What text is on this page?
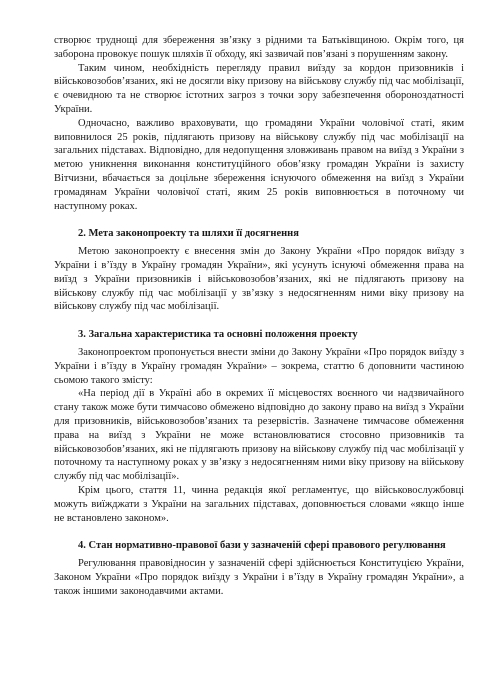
створює труднощі для збереження зв’язку з рідними та Батьківщиною. Окрім того, ця заборона провокує пошук шляхів її обходу, які зазвичай пов’язані з порушенням закону.

Таким чином, необхідність перегляду правил виїзду за кордон призовників і військовозобов’язаних, які не досягли віку призову на військову службу під час мобілізації, є очевидною та не створює істотних загроз з точки зору забезпечення обороноздатності України.

Одночасно, важливо враховувати, що громадяни України чоловічої статі, яким виповнилося 25 років, підлягають призову на військову службу під час мобілізації на загальних підставах. Відповідно, для недопущення зловживань правом на виїзд з України з метою уникнення виконання конституційного обов’язку громадян України із захисту Вітчизни, вбачається за доцільне збереження існуючого обмеження на виїзд з України громадянам України чоловічої статі, яким 25 років виповнюється в поточному чи наступному роках.

2. Мета законопроекту та шляхи її досягнення

Метою законопроекту є внесення змін до Закону України «Про порядок виїзду з України і в’їзду в Україну громадян України», які усунуть існуючі обмеження права на виїзд з України призовників і військовозобов’язаних, які не підлягають призову на військову службу під час мобілізації у зв’язку з недосягненням ними віку призову на військову службу під час мобілізації.

3. Загальна характеристика та основні положення проекту

Законопроектом пропонується внести зміни до Закону України «Про порядок виїзду з України і в’їзду в Україну громадян України» – зокрема, статтю 6 доповнити частиною сьомою такого змісту:

«На період дії в Україні або в окремих її місцевостях воєнного чи надзвичайного стану також може бути тимчасово обмежено відповідно до закону право на виїзд з України для призовників, військовозобов’язаних та резервістів. Зазначене тимчасове обмеження права на виїзд з України не може встановлюватися стосовно призовників та військовозобов’язаних, які не підлягають призову на військову службу під час мобілізації у поточному та наступному роках у зв’язку з недосягненням ними віку призову на військову службу під час мобілізації».

Крім цього, стаття 11, чинна редакція якої регламентує, що військовослужбовці можуть виїжджати з України на загальних підставах, доповнюється словами «якщо інше не встановлено законом».

4. Стан нормативно-правової бази у зазначеній сфері правового регулювання

Регулювання правовідносин у зазначеній сфері здійснюється Конституцією України, Законом України «Про порядок виїзду з України і в’їзду в Україну громадян України», а також іншими законодавчими актами.
